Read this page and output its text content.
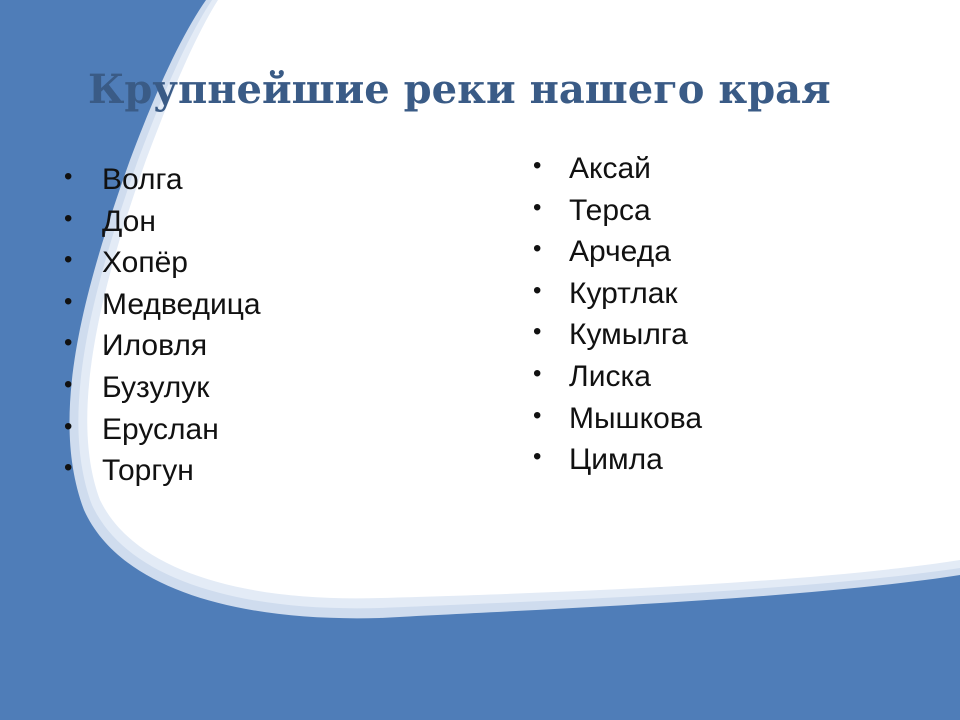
Крупнейшие реки нашего края
• Волга
• Дон
• Хопёр
• Медведица
• Иловля
• Бузулук
• Еруслан
• Торгун
• Аксай
• Терса
• Арчеда
• Куртлак
• Кумылга
• Лиска
• Мышкова
• Цимла
